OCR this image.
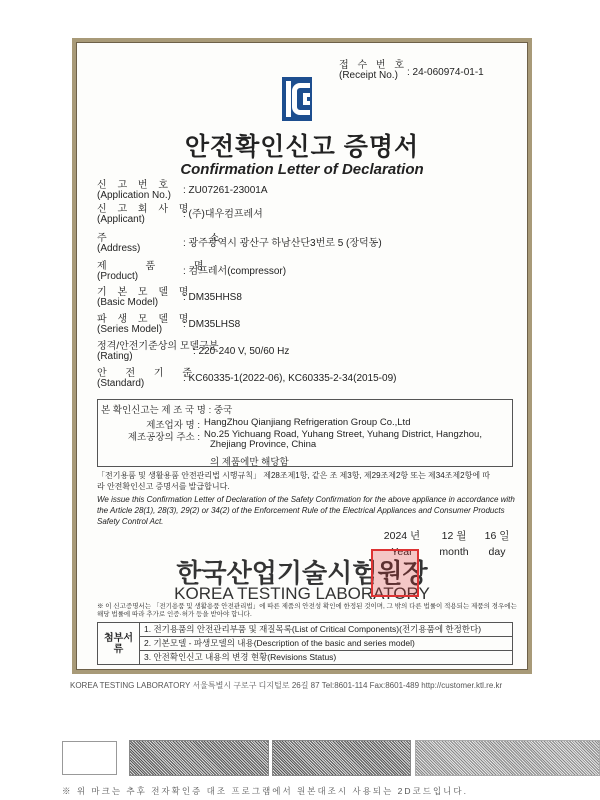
접 수 번 호
(Receipt No.) : 24-060974-01-1
안전확인신고 증명서
Confirmation Letter of Declaration
신 고 번 호
(Application No.) : ZU07261-23001A
신 고 회 사 명
(Applicant)	: (주)대우컴프레셔
주 소
(Address)	: 광주광역시 광산구 하남산단3번로 5 (장덕동)
제 품 명
(Product)	: 컴프레서(compressor)
기 본 모 델 명
(Basic Model)	: DM35HHS8
파 생 모 델 명
(Series Model)	: DM35LHS8
정격/안전기준상의 모델구분
(Rating)	: 220-240 V, 50/60 Hz
안 전 기 준
(Standard)	: KC60335-1(2022-06), KC60335-2-34(2015-09)
본 확인신고는 제 조 국 명 : 중국
제조업자 명 : HangZhou Qianjiang Refrigeration Group Co.,Ltd
제조공장의 주소 : No.25 Yichuang Road, Yuhang Street, Yuhang District, Hangzhou,
Zhejiang Province, China
의 제품에만 해당함
「전기용품 및 생활용품 안전관리법 시행규칙」 제28조제1항, 같은 조 제3항, 제29조제2항 또는 제34조제2항에 따라 안전확인신고 증명서를 발급합니다.
We issue this Confirmation Letter of Declaration of the Safety Confirmation for the above appliance in accordance with the Article 28(1), 28(3), 29(2) or 34(2) of the Enforcement Rule of the Electrical Appliances and Consumer Products Safety Control Act.
2024 년
Year
12 월
month
16 일
day
한국산업기술시험원장
KOREA TESTING LABORATORY
※ 이 신고증명서는 「전기용품 및 생활용품 안전관리법」에 따른 제품의 안전성 확인에 한정된 것이며, 그 밖의 다른 법률이 적용되는 제품의 경우에는 해당 법률에 따라 추가로 인증·허가 등을 받아야 합니다.
첨부서류	1. 전기용품의 안전관리부품 및 재질목록(List of Critical Components)(전기용품에 한정한다)
2. 기본모델 - 파생모델의 내용(Description of the basic and series model)
3. 안전확인신고 내용의 변경 현황(Revisions Status)
KOREA TESTING LABORATORY 서울특별시 구로구 디지털로 26길 87 Tel:8601-114 Fax:8601-489 http://customer.ktl.re.kr
※ 위 마크는 추후 전자확인증 대조 프로그램에서 원본대조시 사용되는 2D코드입니다.
